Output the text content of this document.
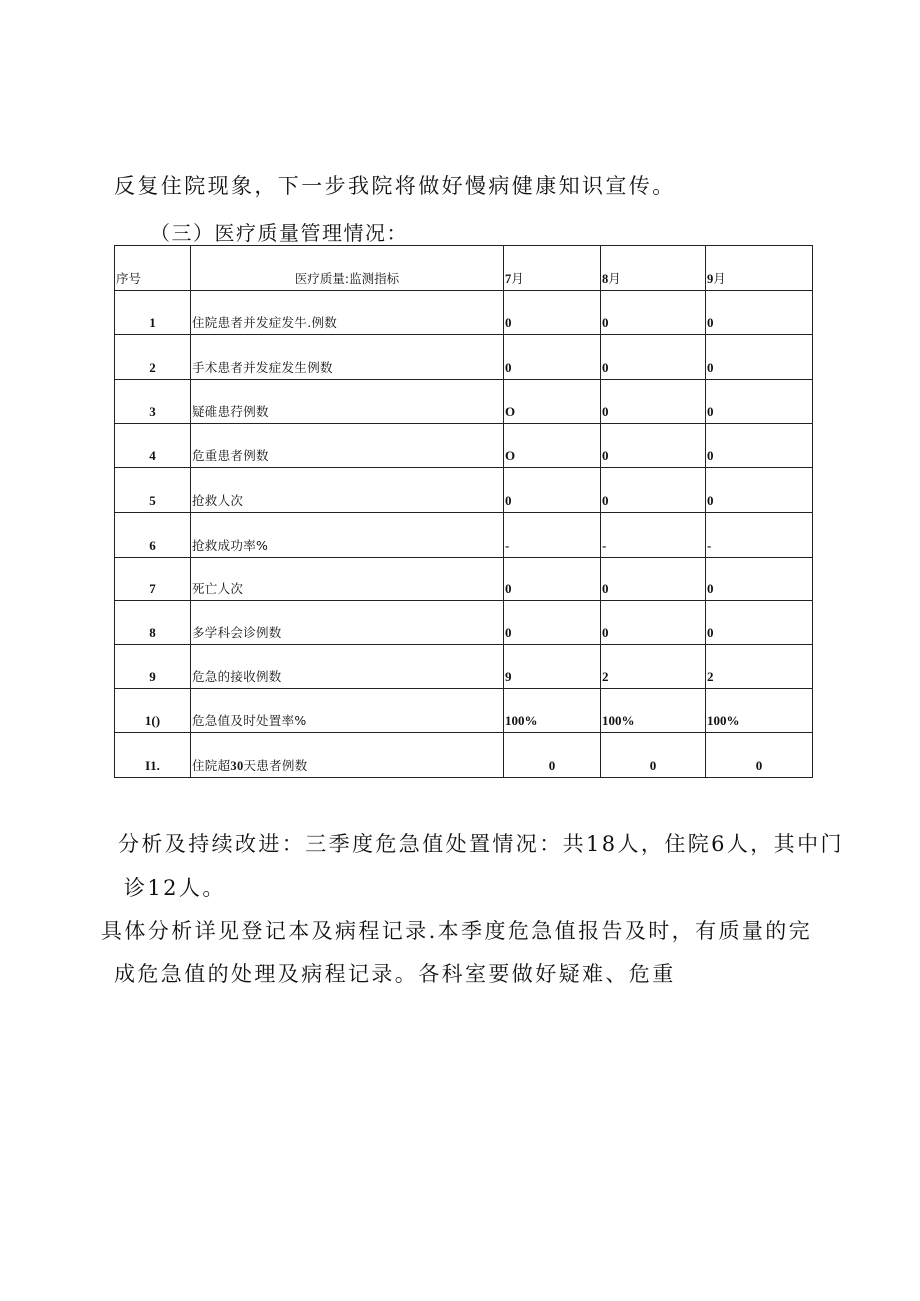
反复住院现象，下一步我院将做好慢病健康知识宣传。

（三）医疗质量管理情况：

序号	医疗质量:监测指标	7月	8月	9月
1	住院患者并发症发牛.例数	0	0	0
2	手术患者并发症发生例数	0	0	0
3	疑碓患荇例数	O	0	0
4	危重患者例数	O	0	0
5	抢救人次	0	0	0
6	抢救成功率%	-	-	-
7	死亡人次	0	0	0
8	多学科会诊例数	0	0	0
9	危急的接收例数	9	2	2
1()	危急值及时处置率%	100%	100%	100%
I1.	住院超30天患者例数	0	0	0

分析及持续改进：三季度危急值处置情况：共18人，住院6人，其中门

诊12人。

具体分析详见登记本及病程记录.本季度危急值报告及时，有质量的完

成危急值的处理及病程记录。各科室要做好疑难、危重
